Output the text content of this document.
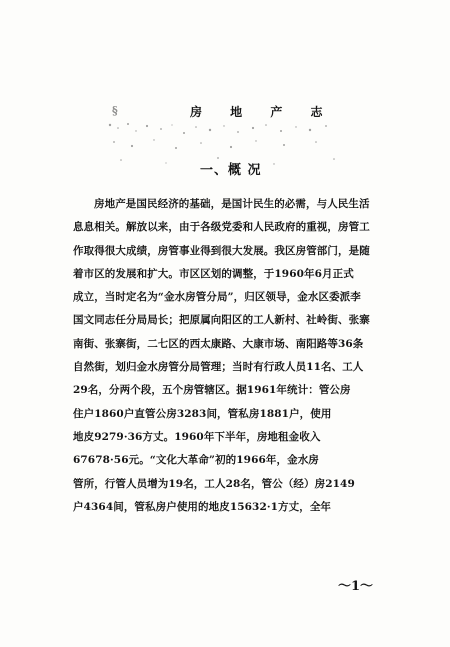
§	房 地 产 志
一、概 况
房地产是国民经济的基础，是国计民生的必需，与人民生活
息息相关。解放以来，由于各级党委和人民政府的重视，房管工
作取得很大成绩，房管事业得到很大发展。我区房管部门，是随
着市区的发展和扩大。市区区划的调整，于1960年6月正式
成立，当时定名为“金水房管分局”，归区领导，金水区委派李
国文同志任分局局长；把原属向阳区的工人新村、社岭街、张寨
南街、张寨街，二七区的西太康路、大康市场、南阳路等36条
自然街，划归金水房管分局管理；当时有行政人员11名、工人
29名，分两个段，五个房管辖区。据1961年统计：管公房
住户1860户直管公房3283间，管私房1881户，使用
地皮9279·36方丈。1960年下半年，房地租金收入
67678·56元。“文化大革命”初的1966年，金水房
管所，行管人员增为19名，工人28名，管公（经）房2149
户4364间，管私房户使用的地皮15632·1方丈，全年
～1～
